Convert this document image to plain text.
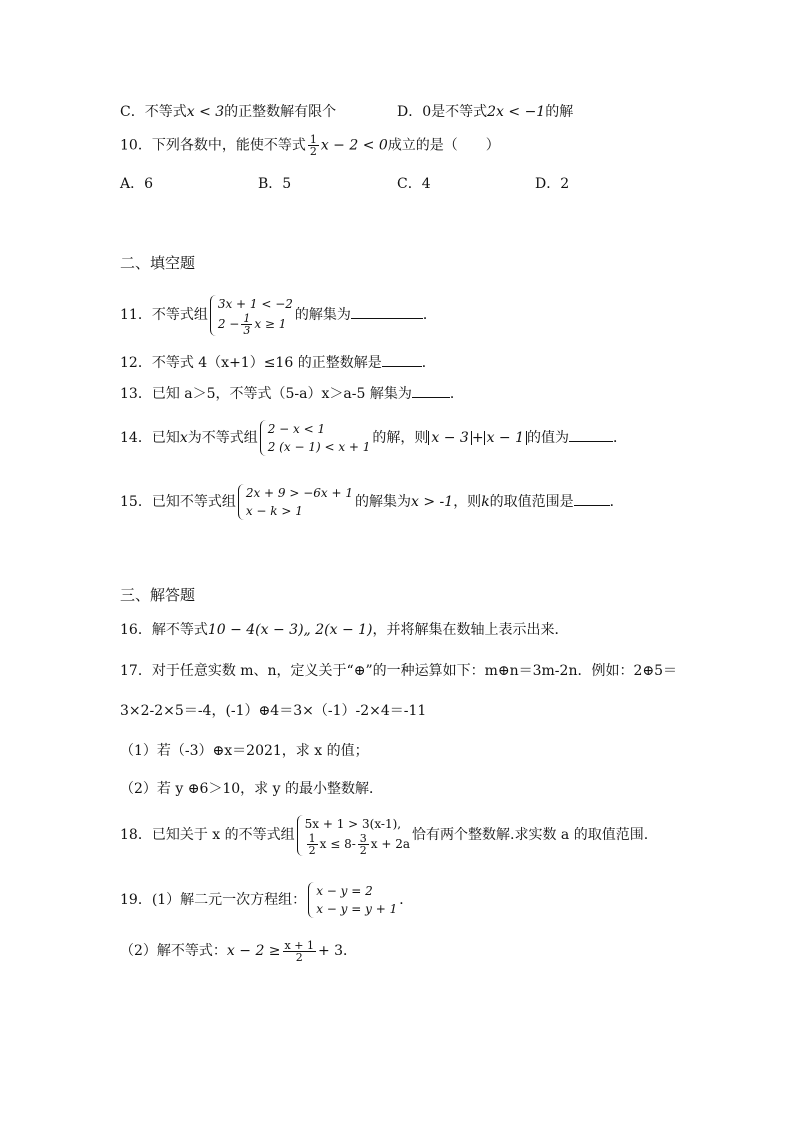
C．不等式x < 3的正整数解有限个	D．0是不等式2x < −1的解
10．下列各数中，能使不等式 $\frac{1}{2}$ x − 2 < 0成立的是（　　）
A．6	B．5	C．4	D．2
二、填空题
11．不等式组
3x + 1 < −2
$2 - \frac{1}{3}$ x ≥ 1
的解集为	．
12．不等式 4（x+1）≤16 的正整数解是	．
13．已知 a＞5，不等式（5-a）x＞a-5 解集为	．
14．已知x为不等式组
2 − x < 1
2 (x − 1) < x + 1
的解，则 x − 3 + x − 1 的值为	．
15．已知不等式组
2x + 9 > −6x + 1
x − k > 1
的解集为x > -1，则k的取值范围是	．
三、解答题
16．解不等式10 − 4(x − 3)„ 2(x − 1)，并将解集在数轴上表示出来．
17．对于任意实数 m、n，定义关于“⊕”的一种运算如下：m⊕n＝3m-2n．例如：2⊕5＝
3×2-2×5＝-4，(-1）⊕4＝3×（-1）-2×4＝-11
（1）若（-3）⊕x＝2021，求 x 的值；
（2）若 y ⊕6＞10，求 y 的最小整数解．
18．已知关于 x 的不等式组
5x + 1 > 3(x-1),
$\frac{1}{2}$ $x \le 8- \frac{3}{2}$ x + 2a
恰有两个整数解.求实数 a 的取值范围.
19．(1）解二元一次方程组：
x − y = 2
x − y = y + 1
．
（2）解不等式：$x - 2 \ge \frac{x + 1}{2} + 3$．
